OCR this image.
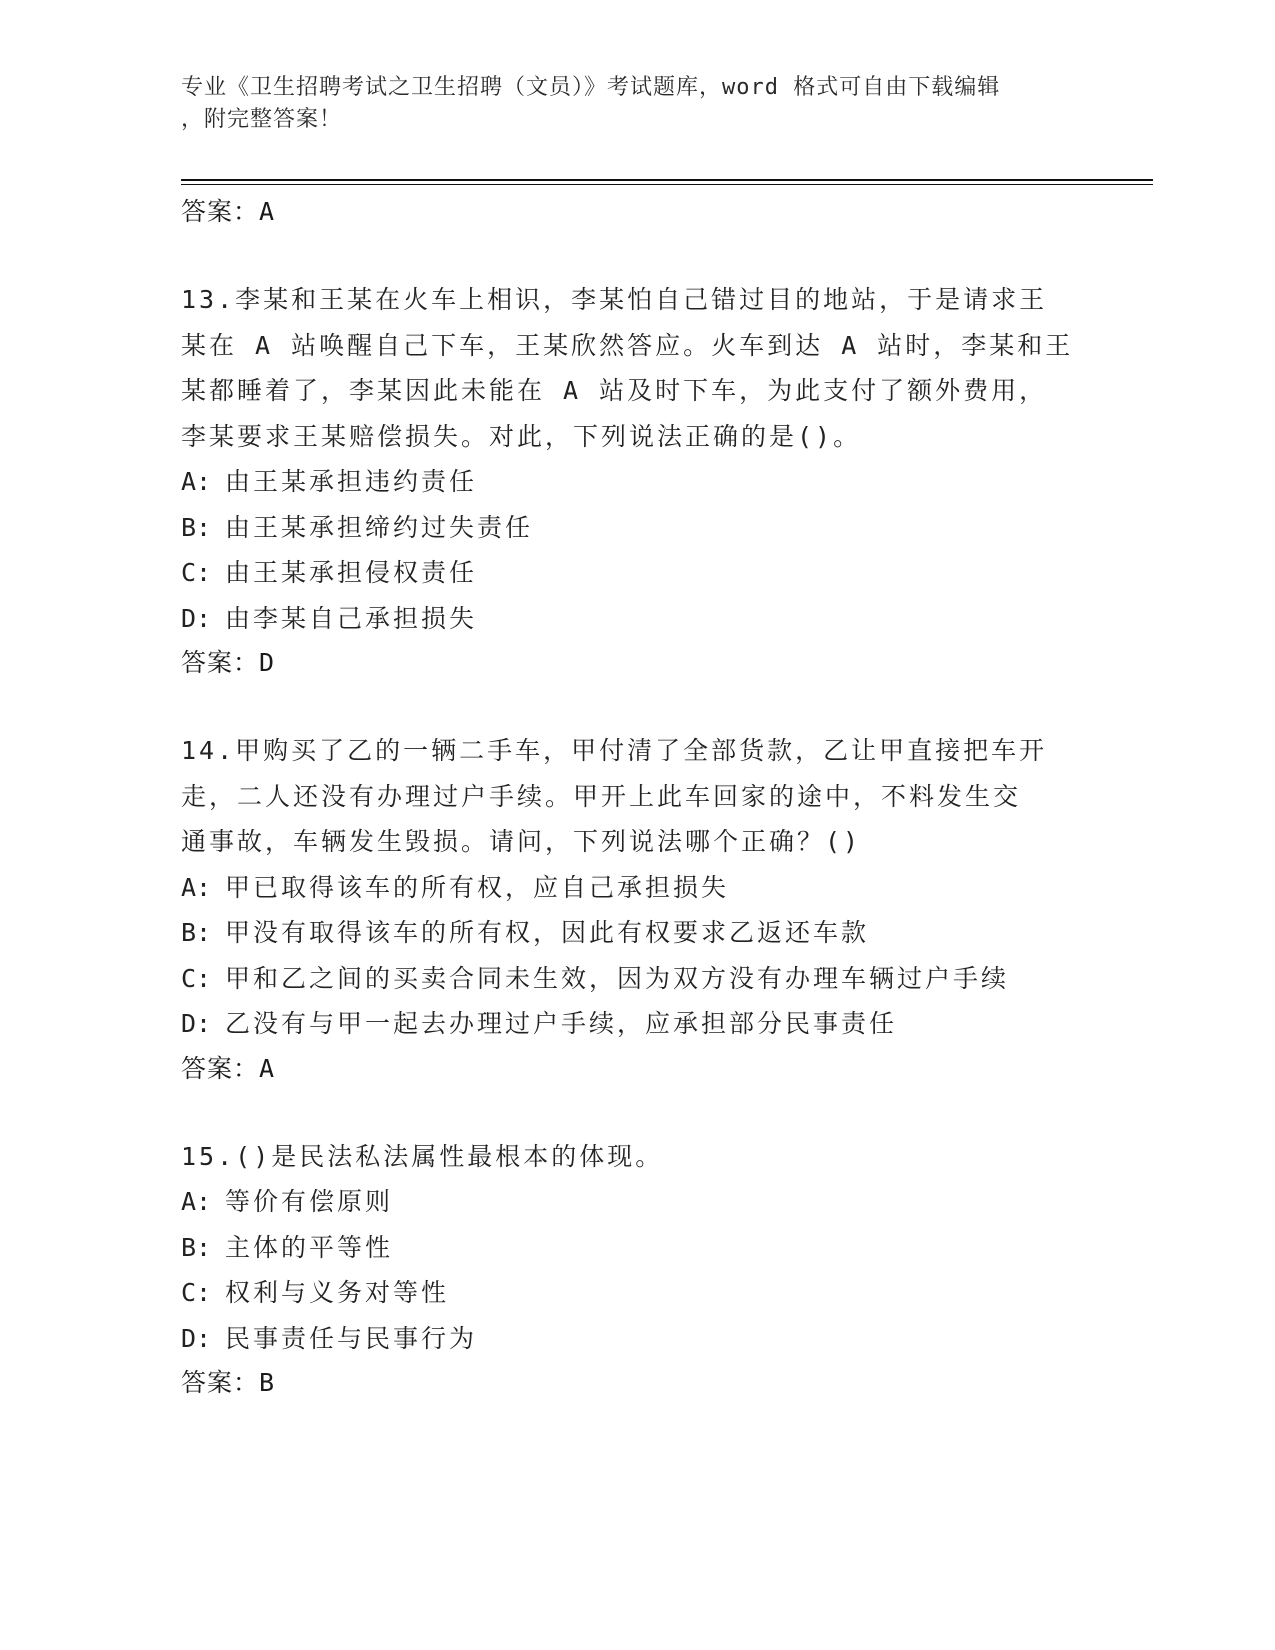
专业《卫生招聘考试之卫生招聘（文员）》考试题库，word 格式可自由下载编辑
，附完整答案！
答案：A
13.李某和王某在火车上相识，李某怕自己错过目的地站，于是请求王
某在 A 站唤醒自己下车，王某欣然答应。火车到达 A 站时，李某和王
某都睡着了，李某因此未能在 A 站及时下车，为此支付了额外费用，
李某要求王某赔偿损失。对此，下列说法正确的是()。
A: 由王某承担违约责任
B: 由王某承担缔约过失责任
C: 由王某承担侵权责任
D: 由李某自己承担损失
答案：D
14.甲购买了乙的一辆二手车，甲付清了全部货款，乙让甲直接把车开
走，二人还没有办理过户手续。甲开上此车回家的途中，不料发生交
通事故，车辆发生毁损。请问，下列说法哪个正确？()
A: 甲已取得该车的所有权，应自己承担损失
B: 甲没有取得该车的所有权，因此有权要求乙返还车款
C: 甲和乙之间的买卖合同未生效，因为双方没有办理车辆过户手续
D: 乙没有与甲一起去办理过户手续，应承担部分民事责任
答案：A
15.()是民法私法属性最根本的体现。
A: 等价有偿原则
B: 主体的平等性
C: 权利与义务对等性
D: 民事责任与民事行为
答案：B
